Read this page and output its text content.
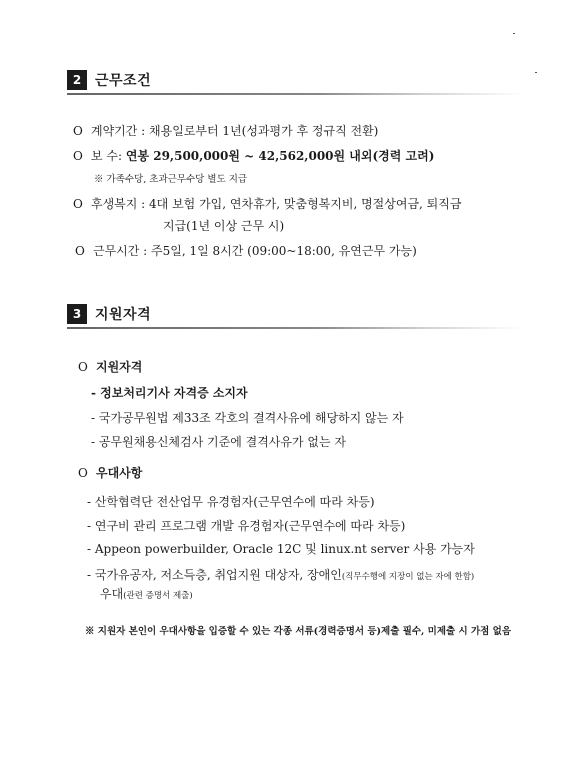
2 근무조건
O 계약기간 : 채용일로부터 1년(성과평가 후 정규직 전환)
O 보 수: 연봉 29,500,000원 ~ 42,562,000원 내외(경력 고려)
※ 가족수당, 초과근무수당 별도 지급
O 후생복지 : 4대 보험 가입, 연차휴가, 맞춤형복지비, 명절상여금, 퇴직금
지급(1년 이상 근무 시)
O 근무시간 : 주5일, 1일 8시간 (09:00~18:00, 유연근무 가능)
3 지원자격
O 지원자격
- 정보처리기사 자격증 소지자
- 국가공무원법 제33조 각호의 결격사유에 해당하지 않는 자
- 공무원채용신체검사 기준에 결격사유가 없는 자
O 우대사항
- 산학협력단 전산업무 유경험자(근무연수에 따라 차등)
- 연구비 관리 프로그램 개발 유경험자(근무연수에 따라 차등)
- Appeon powerbuilder, Oracle 12C 및 linux.nt server 사용 가능자
- 국가유공자, 저소득층, 취업지원 대상자, 장애인(직무수행에 지장이 없는 자에 한함)
우대(관련 증명서 제출)
※ 지원자 본인이 우대사항을 입증할 수 있는 각종 서류(경력증명서 등)제출 필수, 미제출 시 가점 없음
